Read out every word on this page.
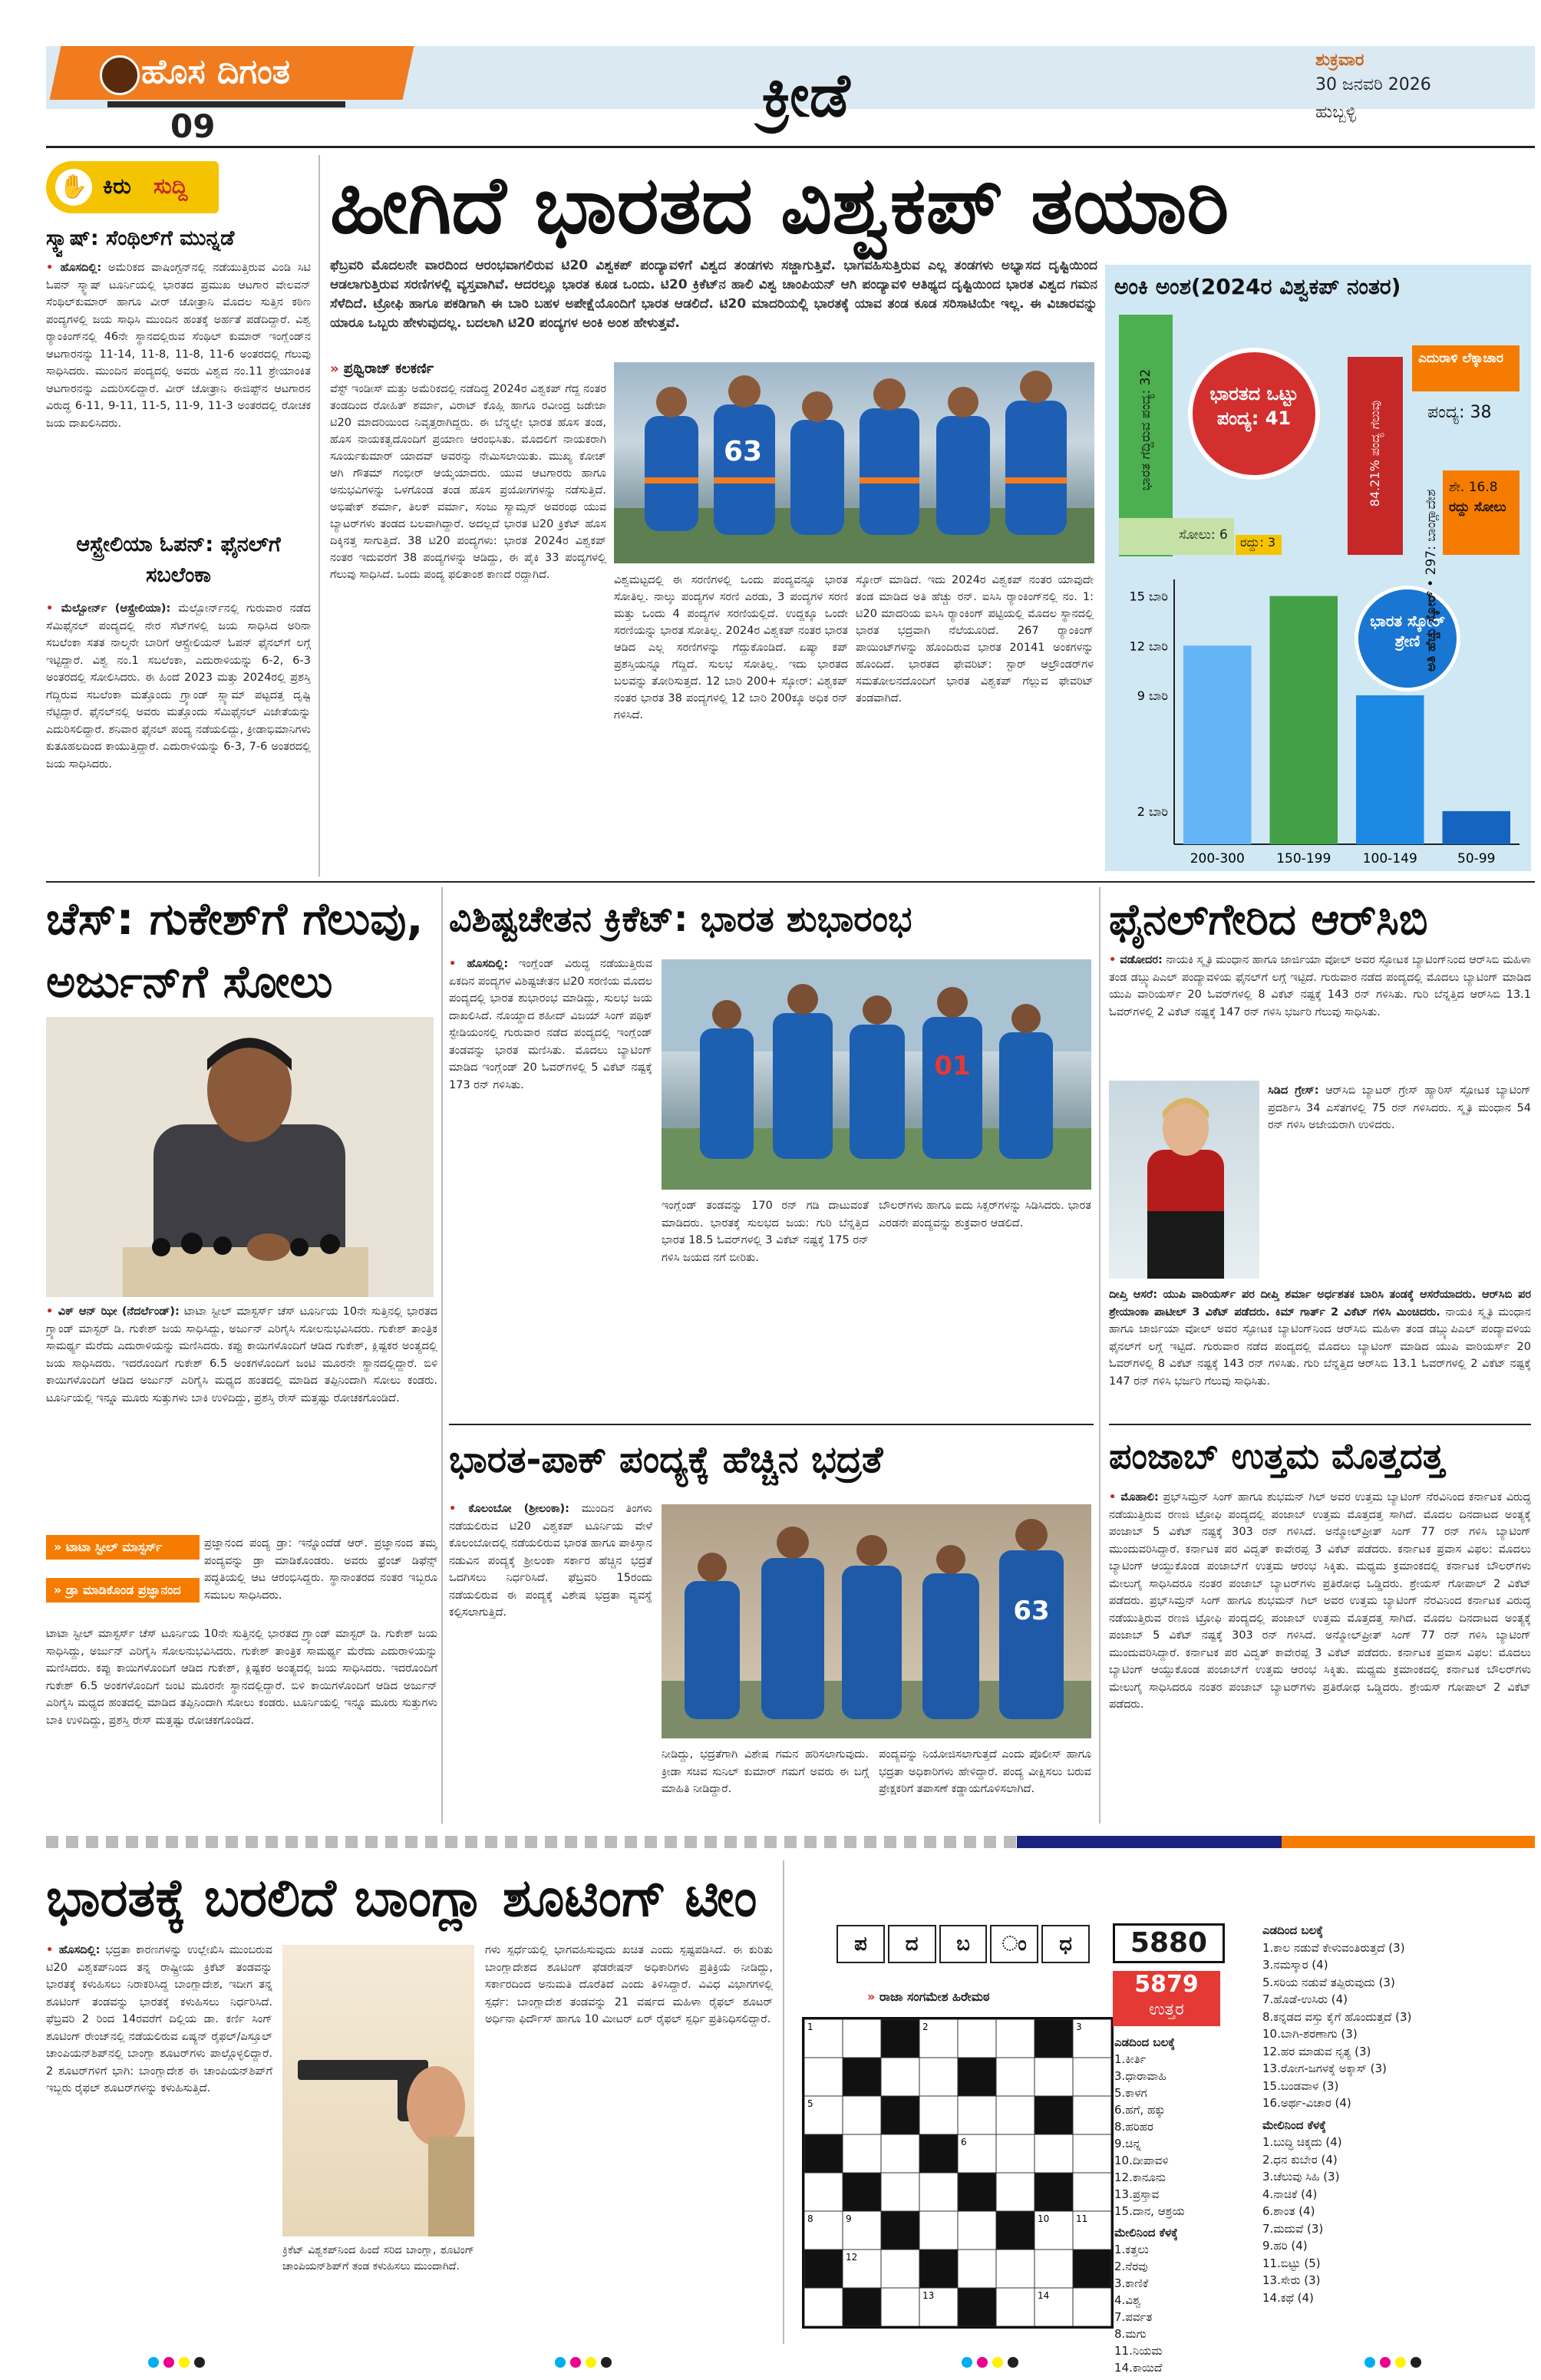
ಹೊಸ ದಿಗಂತ
09	ಕ್ರೀಡೆ
ಶುಕ್ರವಾರ
30 ಜನವರಿ 2026
ಹುಬ್ಬಳ್ಳಿ
✋ ಕಿರು ಸುದ್ದಿ
ಸ್ಕ್ವಾಷ್: ಸೆಂಥಿಲ್‌ಗೆ ಮುನ್ನಡೆ
• ಹೊಸದಿಲ್ಲಿ: ಅಮೆರಿಕದ ವಾಷಿಂಗ್ಟನ್‌ನಲ್ಲಿ ನಡೆಯುತ್ತಿರುವ ವಿಂಡಿ ಸಿಟಿ ಓಪನ್ ಸ್ಕ್ವಾಷ್ ಟೂರ್ನಿಯಲ್ಲಿ ಭಾರತದ ಪ್ರಮುಖ ಆಟಗಾರ ವೇಲವನ್ ಸೆಂಥಿಲ್‌ಕುಮಾರ್ ಹಾಗೂ ವೀರ್ ಚೋತ್ರಾನಿ ಮೊದಲ ಸುತ್ತಿನ ಕಠಿಣ ಪಂದ್ಯಗಳಲ್ಲಿ ಜಯ ಸಾಧಿಸಿ ಮುಂದಿನ ಹಂತಕ್ಕೆ ಅರ್ಹತೆ ಪಡೆದಿದ್ದಾರೆ. ವಿಶ್ವ ರ‍್ಯಾಂಕಿಂಗ್‌ನಲ್ಲಿ 46ನೇ ಸ್ಥಾನದಲ್ಲಿರುವ ಸೆಂಥಿಲ್ ಕುಮಾರ್ ಇಂಗ್ಲೆಂಡ್‌ನ ಆಟಗಾರನನ್ನು 11-14, 11-8, 11-8, 11-6 ಅಂತರದಲ್ಲಿ ಗೆಲುವು ಸಾಧಿಸಿದರು. ಮುಂದಿನ ಪಂದ್ಯದಲ್ಲಿ ಅವರು ವಿಶ್ವದ ನಂ.11 ಶ್ರೇಯಾಂಕಿತ ಆಟಗಾರನನ್ನು ಎದುರಿಸಲಿದ್ದಾರೆ. ವೀರ್ ಚೋತ್ರಾನಿ ಈಜಿಪ್ಟ್‌ನ ಆಟಗಾರನ ವಿರುದ್ಧ 6-11, 9-11, 11-5, 11-9, 11-3 ಅಂತರದಲ್ಲಿ ರೋಚಕ ಜಯ ದಾಖಲಿಸಿದರು.
ಆಸ್ಟ್ರೇಲಿಯಾ ಓಪನ್: ಫೈನಲ್‌ಗೆ ಸಬಲೆಂಕಾ
• ಮೆಲ್ಬೋರ್ನ್ (ಆಸ್ಟ್ರೇಲಿಯಾ): ಮೆಲ್ಬೋರ್ನ್‌ನಲ್ಲಿ ಗುರುವಾರ ನಡೆದ ಸೆಮಿಫೈನಲ್ ಪಂದ್ಯದಲ್ಲಿ ನೇರ ಸೆಟ್‌ಗಳಲ್ಲಿ ಜಯ ಸಾಧಿಸಿದ ಅರಿನಾ ಸಬಲೆಂಕಾ ಸತತ ನಾಲ್ಕನೇ ಬಾರಿಗೆ ಆಸ್ಟ್ರೇಲಿಯನ್ ಓಪನ್ ಫೈನಲ್‌ಗೆ ಲಗ್ಗೆ ಇಟ್ಟಿದ್ದಾರೆ. ವಿಶ್ವ ನಂ.1 ಸಬಲೆಂಕಾ, ಎದುರಾಳಿಯನ್ನು 6-2, 6-3 ಅಂತರದಲ್ಲಿ ಸೋಲಿಸಿದರು. ಈ ಹಿಂದೆ 2023 ಮತ್ತು 2024ರಲ್ಲಿ ಪ್ರಶಸ್ತಿ ಗೆದ್ದಿರುವ ಸಬಲೆಂಕಾ ಮತ್ತೊಂದು ಗ್ರ್ಯಾಂಡ್ ಸ್ಲ್ಯಾಮ್ ಪಟ್ಟದತ್ತ ದೃಷ್ಟಿ ನೆಟ್ಟಿದ್ದಾರೆ. ಫೈನಲ್‌ನಲ್ಲಿ ಅವರು ಮತ್ತೊಂದು ಸೆಮಿಫೈನಲ್ ವಿಜೇತೆಯನ್ನು ಎದುರಿಸಲಿದ್ದಾರೆ. ಶನಿವಾರ ಫೈನಲ್ ಪಂದ್ಯ ನಡೆಯಲಿದ್ದು, ಕ್ರೀಡಾಭಿಮಾನಿಗಳು ಕುತೂಹಲದಿಂದ ಕಾಯುತ್ತಿದ್ದಾರೆ. ಎದುರಾಳಿಯನ್ನು 6-3, 7-6 ಅಂತರದಲ್ಲಿ ಜಯ ಸಾಧಿಸಿದರು.
ಹೀಗಿದೆ ಭಾರತದ ವಿಶ್ವಕಪ್ ತಯಾರಿ
ಫೆಬ್ರವರಿ ಮೊದಲನೇ ವಾರದಿಂದ ಆರಂಭವಾಗಲಿರುವ ಟಿ20 ವಿಶ್ವಕಪ್ ಪಂದ್ಯಾವಳಿಗೆ ವಿಶ್ವದ ತಂಡಗಳು ಸಜ್ಜಾಗುತ್ತಿವೆ. ಭಾಗವಹಿಸುತ್ತಿರುವ ಎಲ್ಲ ತಂಡಗಳು ಅಭ್ಯಾಸದ ದೃಷ್ಟಿಯಿಂದ ಆಡಲಾಗುತ್ತಿರುವ ಸರಣಿಗಳಲ್ಲಿ ವ್ಯಸ್ತವಾಗಿವೆ. ಆದರಲ್ಲೂ ಭಾರತ ಕೂಡ ಒಂದು. ಟಿ20 ಕ್ರಿಕೆಟ್‌ನ ಹಾಲಿ ವಿಶ್ವ ಚಾಂಪಿಯನ್ ಆಗಿ ಪಂದ್ಯಾವಳಿ ಆತಿಥ್ಯದ ದೃಷ್ಟಿಯಿಂದ ಭಾರತ ವಿಶ್ವದ ಗಮನ ಸೆಳೆದಿದೆ. ಟ್ರೋಫಿ ಹಾಗೂ ಪಕಡಿಗಾಗಿ ಈ ಬಾರಿ ಬಹಳ ಅಪೇಕ್ಷೆಯೊಂದಿಗೆ ಭಾರತ ಆಡಲಿದೆ. ಟಿ20 ಮಾದರಿಯಲ್ಲಿ ಭಾರತಕ್ಕೆ ಯಾವ ತಂಡ ಕೂಡ ಸರಿಸಾಟಿಯೇ ಇಲ್ಲ. ಈ ವಿಚಾರವನ್ನು ಯಾರೂ ಒಬ್ಬರು ಹೇಳುವುದಲ್ಲ. ಬದಲಾಗಿ ಟಿ20 ಪಂದ್ಯಗಳ ಅಂಕಿ ಅಂಶ ಹೇಳುತ್ತವೆ.
» ಪ್ರಥ್ವಿರಾಜ್ ಕಲಕರ್ಣಿ
ವೆಸ್ಟ್ ಇಂಡೀಸ್ ಮತ್ತು ಅಮೆರಿಕದಲ್ಲಿ ನಡೆದಿದ್ದ 2024ರ ವಿಶ್ವಕಪ್ ಗೆದ್ದ ನಂತರ ತಂಡದಿಂದ ರೋಹಿತ್ ಶರ್ಮಾ, ವಿರಾಟ್ ಕೊಹ್ಲಿ ಹಾಗೂ ರವೀಂದ್ರ ಜಡೇಜಾ ಟಿ20 ಮಾದರಿಯಿಂದ ನಿವೃತ್ತರಾಗಿದ್ದರು. ಈ ಬೆನ್ನಲ್ಲೇ ಭಾರತ ಹೊಸ ತಂಡ, ಹೊಸ ನಾಯಕತ್ವದೊಂದಿಗೆ ಪ್ರಯಾಣ ಆರಂಭಿಸಿತು. ಮೊದಲಿಗೆ ನಾಯಕರಾಗಿ ಸೂರ್ಯಕುಮಾರ್ ಯಾದವ್ ಅವರನ್ನು ನೇಮಿಸಲಾಯಿತು. ಮುಖ್ಯ ಕೋಚ್ ಆಗಿ ಗೌತಮ್ ಗಂಭೀರ್ ಆಯ್ಕೆಯಾದರು. ಯುವ ಆಟಗಾರರು ಹಾಗೂ ಅನುಭವಿಗಳನ್ನು ಒಳಗೊಂಡ ತಂಡ ಹೊಸ ಪ್ರಯೋಗಗಳನ್ನು ನಡೆಸುತ್ತಿದೆ. ಅಭಿಷೇಕ್ ಶರ್ಮಾ, ತಿಲಕ್ ವರ್ಮಾ, ಸಂಜು ಸ್ಯಾಮ್ಸನ್ ಅವರಂಥ ಯುವ ಬ್ಯಾಟರ್‌ಗಳು ತಂಡದ ಬಲವಾಗಿದ್ದಾರೆ. ಅದಲ್ಲದೆ ಭಾರತ ಟಿ20 ಕ್ರಿಕೆಟ್ ಹೊಸ ದಿಕ್ಕಿನತ್ತ ಸಾಗುತ್ತಿದೆ. 38 ಟಿ20 ಪಂದ್ಯಗಳು: ಭಾರತ 2024ರ ವಿಶ್ವಕಪ್ ನಂತರ ಇದುವರೆಗೆ 38 ಪಂದ್ಯಗಳನ್ನು ಆಡಿದ್ದು, ಈ ಪೈಕಿ 33 ಪಂದ್ಯಗಳಲ್ಲಿ ಗೆಲುವು ಸಾಧಿಸಿದೆ. ಒಂದು ಪಂದ್ಯ ಫಲಿತಾಂಶ ಕಾಣದೆ ರದ್ದಾಗಿದೆ.
63
ವಿಶ್ವಮಟ್ಟದಲ್ಲಿ ಈ ಸರಣಿಗಳಲ್ಲಿ ಒಂದು ಪಂದ್ಯವನ್ನೂ ಭಾರತ ಸೋತಿಲ್ಲ. ನಾಲ್ಕು ಪಂದ್ಯಗಳ ಸರಣಿ ಎರಡು, 3 ಪಂದ್ಯಗಳ ಸರಣಿ ಮತ್ತು ಒಂದು 4 ಪಂದ್ಯಗಳ ಸರಣಿಯಲ್ಲಿದೆ. ಉದ್ದಕ್ಕೂ ಒಂದೇ ಸರಣಿಯನ್ನು ಭಾರತ ಸೋತಿಲ್ಲ. 2024ರ ವಿಶ್ವಕಪ್ ನಂತರ ಭಾರತ ಆಡಿದ ಎಲ್ಲ ಸರಣಿಗಳನ್ನು ಗೆದ್ದುಕೊಂಡಿದೆ. ಏಷ್ಯಾ ಕಪ್ ಪ್ರಶಸ್ತಿಯನ್ನೂ ಗೆದ್ದಿದೆ. ಸುಲಭ ಸೋತಿಲ್ಲ. ಇದು ಭಾರತದ ಬಲವನ್ನು ತೋರಿಸುತ್ತದೆ. 12 ಬಾರಿ 200+ ಸ್ಕೋರ್: ವಿಶ್ವಕಪ್ ನಂತರ ಭಾರತ 38 ಪಂದ್ಯಗಳಲ್ಲಿ 12 ಬಾರಿ 200ಕ್ಕೂ ಅಧಿಕ ರನ್ ಗಳಿಸಿದೆ.
ಸ್ಕೋರ್ ಮಾಡಿದೆ. ಇದು 2024ರ ವಿಶ್ವಕಪ್ ನಂತರ ಯಾವುದೇ ತಂಡ ಮಾಡಿದ ಅತಿ ಹೆಚ್ಚು ರನ್. ಐಸಿಸಿ ರ‍್ಯಾಂಕಿಂಗ್‌ನಲ್ಲಿ ನಂ. 1: ಟಿ20 ಮಾದರಿಯ ಐಸಿಸಿ ರ‍್ಯಾಂಕಿಂಗ್ ಪಟ್ಟಿಯಲ್ಲಿ ಮೊದಲ ಸ್ಥಾನದಲ್ಲಿ ಭಾರತ ಭದ್ರವಾಗಿ ನೆಲೆಯೂರಿದೆ. 267 ರ‍್ಯಾಂಕಿಂಗ್ ಪಾಯಿಂಟ್‌ಗಳನ್ನು ಹೊಂದಿರುವ ಭಾರತ 20141 ಅಂಕಗಳನ್ನು ಹೊಂದಿದೆ. ಭಾರತದ ಫೇವರಿಟ್: ಸ್ಟಾರ್ ಆಲ್ರೌಂಡರ್‌ಗಳ ಸಮತೋಲನದೊಂದಿಗೆ ಭಾರತ ವಿಶ್ವಕಪ್ ಗೆಲ್ಲುವ ಫೇವರಿಟ್ ತಂಡವಾಗಿದೆ.
ಅಂಕಿ ಅಂಶ(2024ರ ವಿಶ್ವಕಪ್ ನಂತರ)
ಭಾರತ ಗೆದ್ದಿರುವ ಪಂದ್ಯ: 32
ಸೋಲು: 6 ರದ್ದು: 3
ಭಾರತದ ಒಟ್ಟು ಪಂದ್ಯ: 41	84.21% ಪಂದ್ಯ ಗೆಲುವು
ಎದುರಾಳಿ ಲೆಕ್ಕಾಚಾರ
ಪಂದ್ಯ: 38
ಶೇ. 16.8
ರದ್ದು ಸೋಲು
200-300 150-199 100-149	50-99
15 ಬಾರಿ
12 ಬಾರಿ
9 ಬಾರಿ
2 ಬಾರಿ
ಭಾರತ ಸ್ಕೋರ್ ಶ್ರೇಣಿ ಅತಿ ಹೆಚ್ಚು ಸ್ಕೋರ್ • 297: ಬಾಂಗ್ಲಾದೇಶ
ಚೆಸ್: ಗುಕೇಶ್‌ಗೆ ಗೆಲುವು, ಅರ್ಜುನ್‌ಗೆ ಸೋಲು
• ವಿಕ್ ಆನ್ ಝೀ (ನೆದರ್ಲೆಂಡ್): ಟಾಟಾ ಸ್ಟೀಲ್ ಮಾಸ್ಟರ್ಸ್ ಚೆಸ್ ಟೂರ್ನಿಯ 10ನೇ ಸುತ್ತಿನಲ್ಲಿ ಭಾರತದ ಗ್ರ್ಯಾಂಡ್ ಮಾಸ್ಟರ್ ಡಿ. ಗುಕೇಶ್ ಜಯ ಸಾಧಿಸಿದ್ದು, ಅರ್ಜುನ್ ಎರಿಗೈಸಿ ಸೋಲನುಭವಿಸಿದರು. ಗುಕೇಶ್ ತಾಂತ್ರಿಕ ಸಾಮರ್ಥ್ಯ ಮೆರೆದು ಎದುರಾಳಿಯನ್ನು ಮಣಿಸಿದರು. ಕಪ್ಪು ಕಾಯಿಗಳೊಂದಿಗೆ ಆಡಿದ ಗುಕೇಶ್, ಕ್ಲಿಷ್ಟಕರ ಅಂತ್ಯದಲ್ಲಿ ಜಯ ಸಾಧಿಸಿದರು. ಇದರೊಂದಿಗೆ ಗುಕೇಶ್ 6.5 ಅಂಕಗಳೊಂದಿಗೆ ಜಂಟಿ ಮೂರನೇ ಸ್ಥಾನದಲ್ಲಿದ್ದಾರೆ. ಬಿಳಿ ಕಾಯಿಗಳೊಂದಿಗೆ ಆಡಿದ ಅರ್ಜುನ್ ಎರಿಗೈಸಿ ಮಧ್ಯದ ಹಂತದಲ್ಲಿ ಮಾಡಿದ ತಪ್ಪಿನಿಂದಾಗಿ ಸೋಲು ಕಂಡರು. ಟೂರ್ನಿಯಲ್ಲಿ ಇನ್ನೂ ಮೂರು ಸುತ್ತುಗಳು ಬಾಕಿ ಉಳಿದಿದ್ದು, ಪ್ರಶಸ್ತಿ ರೇಸ್ ಮತ್ತಷ್ಟು ರೋಚಕಗೊಂಡಿದೆ.
» ಟಾಟಾ ಸ್ಟೀಲ್ ಮಾಸ್ಟರ್ಸ್
» ಡ್ರಾ ಮಾಡಿಕೊಂಡ ಪ್ರಜ್ಞಾನಂದ
ಪ್ರಜ್ಞಾನಂದ ಪಂದ್ಯ ಡ್ರಾ: ಇನ್ನೊಂದೆಡೆ ಆರ್. ಪ್ರಜ್ಞಾನಂದ ತಮ್ಮ ಪಂದ್ಯವನ್ನು ಡ್ರಾ ಮಾಡಿಕೊಂಡರು. ಅವರು ಫ್ರೆಂಚ್ ಡಿಫೆನ್ಸ್ ಪದ್ಧತಿಯಲ್ಲಿ ಆಟ ಆರಂಭಿಸಿದ್ದರು. ಸ್ಥಾನಾಂತರದ ನಂತರ ಇಬ್ಬರೂ ಸಮಬಲ ಸಾಧಿಸಿದರು.
ಟಾಟಾ ಸ್ಟೀಲ್ ಮಾಸ್ಟರ್ಸ್ ಚೆಸ್ ಟೂರ್ನಿಯ 10ನೇ ಸುತ್ತಿನಲ್ಲಿ ಭಾರತದ ಗ್ರ್ಯಾಂಡ್ ಮಾಸ್ಟರ್ ಡಿ. ಗುಕೇಶ್ ಜಯ ಸಾಧಿಸಿದ್ದು, ಅರ್ಜುನ್ ಎರಿಗೈಸಿ ಸೋಲನುಭವಿಸಿದರು. ಗುಕೇಶ್ ತಾಂತ್ರಿಕ ಸಾಮರ್ಥ್ಯ ಮೆರೆದು ಎದುರಾಳಿಯನ್ನು ಮಣಿಸಿದರು. ಕಪ್ಪು ಕಾಯಿಗಳೊಂದಿಗೆ ಆಡಿದ ಗುಕೇಶ್, ಕ್ಲಿಷ್ಟಕರ ಅಂತ್ಯದಲ್ಲಿ ಜಯ ಸಾಧಿಸಿದರು. ಇದರೊಂದಿಗೆ ಗುಕೇಶ್ 6.5 ಅಂಕಗಳೊಂದಿಗೆ ಜಂಟಿ ಮೂರನೇ ಸ್ಥಾನದಲ್ಲಿದ್ದಾರೆ. ಬಿಳಿ ಕಾಯಿಗಳೊಂದಿಗೆ ಆಡಿದ ಅರ್ಜುನ್ ಎರಿಗೈಸಿ ಮಧ್ಯದ ಹಂತದಲ್ಲಿ ಮಾಡಿದ ತಪ್ಪಿನಿಂದಾಗಿ ಸೋಲು ಕಂಡರು. ಟೂರ್ನಿಯಲ್ಲಿ ಇನ್ನೂ ಮೂರು ಸುತ್ತುಗಳು ಬಾಕಿ ಉಳಿದಿದ್ದು, ಪ್ರಶಸ್ತಿ ರೇಸ್ ಮತ್ತಷ್ಟು ರೋಚಕಗೊಂಡಿದೆ.
ವಿಶಿಷ್ಟಚೇತನ ಕ್ರಿಕೆಟ್: ಭಾರತ ಶುಭಾರಂಭ
• ಹೊಸದಿಲ್ಲಿ: ಇಂಗ್ಲೆಂಡ್ ವಿರುದ್ಧ ನಡೆಯುತ್ತಿರುವ ಏಕದಿನ ಪಂದ್ಯಗಳ ವಿಶಿಷ್ಟಚೇತನ ಟಿ20 ಸರಣಿಯ ಮೊದಲ ಪಂದ್ಯದಲ್ಲಿ ಭಾರತ ಶುಭಾರಂಭ ಮಾಡಿದ್ದು, ಸುಲಭ ಜಯ ದಾಖಲಿಸಿದೆ. ನೊಯ್ಡಾದ ಶಹೀದ್ ವಿಜಯ್ ಸಿಂಗ್ ಪಥಿಕ್ ಸ್ಟೇಡಿಯಂನಲ್ಲಿ ಗುರುವಾರ ನಡೆದ ಪಂದ್ಯದಲ್ಲಿ ಇಂಗ್ಲೆಂಡ್ ತಂಡವನ್ನು ಭಾರತ ಮಣಿಸಿತು. ಮೊದಲು ಬ್ಯಾಟಿಂಗ್ ಮಾಡಿದ ಇಂಗ್ಲೆಂಡ್ 20 ಓವರ್‌ಗಳಲ್ಲಿ 5 ವಿಕೆಟ್ ನಷ್ಟಕ್ಕೆ 173 ರನ್ ಗಳಿಸಿತು.
01
ಇಂಗ್ಲೆಂಡ್ ತಂಡವನ್ನು 170 ರನ್ ಗಡಿ ದಾಟುವಂತೆ ಮಾಡಿದರು. ಭಾರತಕ್ಕೆ ಸುಲಭದ ಜಯ: ಗುರಿ ಬೆನ್ನತ್ತಿದ ಭಾರತ 18.5 ಓವರ್‌ಗಳಲ್ಲಿ 3 ವಿಕೆಟ್ ನಷ್ಟಕ್ಕೆ 175 ರನ್ ಗಳಿಸಿ ಜಯದ ನಗೆ ಬೀರಿತು.
ಬೌಲರ್‌ಗಳು ಹಾಗೂ ಐದು ಸಿಕ್ಸರ್‌ಗಳನ್ನು ಸಿಡಿಸಿದರು. ಭಾರತ ಎರಡನೇ ಪಂದ್ಯವನ್ನು ಶುಕ್ರವಾರ ಆಡಲಿದೆ.
ಭಾರತ-ಪಾಕ್ ಪಂದ್ಯಕ್ಕೆ ಹೆಚ್ಚಿನ ಭದ್ರತೆ
• ಕೊಲಂಬೋ (ಶ್ರೀಲಂಕಾ): ಮುಂದಿನ ತಿಂಗಳು ನಡೆಯಲಿರುವ ಟಿ20 ವಿಶ್ವಕಪ್ ಟೂರ್ನಿಯ ವೇಳೆ ಕೊಲಂಬೋದಲ್ಲಿ ನಡೆಯಲಿರುವ ಭಾರತ ಹಾಗೂ ಪಾಕಿಸ್ತಾನ ನಡುವಿನ ಪಂದ್ಯಕ್ಕೆ ಶ್ರೀಲಂಕಾ ಸರ್ಕಾರ ಹೆಚ್ಚಿನ ಭದ್ರತೆ ಒದಗಿಸಲು ನಿರ್ಧರಿಸಿದೆ. ಫೆಬ್ರವರಿ 15ರಂದು ನಡೆಯಲಿರುವ ಈ ಪಂದ್ಯಕ್ಕೆ ವಿಶೇಷ ಭದ್ರತಾ ವ್ಯವಸ್ಥೆ ಕಲ್ಪಿಸಲಾಗುತ್ತಿದೆ.	63
ನೀಡಿದ್ದು, ಭದ್ರತೆಗಾಗಿ ವಿಶೇಷ ಗಮನ ಹರಿಸಲಾಗುವುದು. ಕ್ರೀಡಾ ಸಚಿವ ಸುನಿಲ್ ಕುಮಾರ್ ಗಮಗೆ ಅವರು ಈ ಬಗ್ಗೆ ಮಾಹಿತಿ ನೀಡಿದ್ದಾರೆ.
ಪಂದ್ಯವನ್ನು ನಿಯೋಜಿಸಲಾಗುತ್ತದೆ ಎಂದು ಪೊಲೀಸ್ ಹಾಗೂ ಭದ್ರತಾ ಅಧಿಕಾರಿಗಳು ಹೇಳಿದ್ದಾರೆ. ಪಂದ್ಯ ವೀಕ್ಷಿಸಲು ಬರುವ ಪ್ರೇಕ್ಷಕರಿಗೆ ತಪಾಸಣೆ ಕಡ್ಡಾಯಗೊಳಿಸಲಾಗಿದೆ.
ಫೈನಲ್‌ಗೇರಿದ ಆರ್‌ಸಿಬಿ
• ವಡೋದರ: ನಾಯಕಿ ಸ್ಮೃತಿ ಮಂಧಾನ ಹಾಗೂ ಜಾರ್ಜಿಯಾ ವೋಲ್ ಅವರ ಸ್ಫೋಟಕ ಬ್ಯಾಟಿಂಗ್‌ನಿಂದ ಆರ್‌ಸಿಬಿ ಮಹಿಳಾ ತಂಡ ಡಬ್ಲ್ಯುಪಿಎಲ್ ಪಂದ್ಯಾವಳಿಯ ಫೈನಲ್‌ಗೆ ಲಗ್ಗೆ ಇಟ್ಟಿದೆ. ಗುರುವಾರ ನಡೆದ ಪಂದ್ಯದಲ್ಲಿ ಮೊದಲು ಬ್ಯಾಟಿಂಗ್ ಮಾಡಿದ ಯುಪಿ ವಾರಿಯರ್ಸ್ 20 ಓವರ್‌ಗಳಲ್ಲಿ 8 ವಿಕೆಟ್ ನಷ್ಟಕ್ಕೆ 143 ರನ್ ಗಳಿಸಿತು. ಗುರಿ ಬೆನ್ನತ್ತಿದ ಆರ್‌ಸಿಬಿ 13.1 ಓವರ್‌ಗಳಲ್ಲಿ 2 ವಿಕೆಟ್ ನಷ್ಟಕ್ಕೆ 147 ರನ್ ಗಳಿಸಿ ಭರ್ಜರಿ ಗೆಲುವು ಸಾಧಿಸಿತು.
ಸಿಡಿದ ಗ್ರೇಸ್: ಆರ್‌ಸಿಬಿ ಬ್ಯಾಟರ್ ಗ್ರೇಸ್ ಹ್ಯಾರಿಸ್ ಸ್ಫೋಟಕ ಬ್ಯಾಟಿಂಗ್ ಪ್ರದರ್ಶಿಸಿ 34 ಎಸೆತಗಳಲ್ಲಿ 75 ರನ್ ಗಳಿಸಿದರು. ಸ್ಮೃತಿ ಮಂಧಾನ 54 ರನ್ ಗಳಿಸಿ ಅಜೇಯರಾಗಿ ಉಳಿದರು.
ದೀಪ್ತಿ ಆಸರೆ: ಯುಪಿ ವಾರಿಯರ್ಸ್ ಪರ ದೀಪ್ತಿ ಶರ್ಮಾ ಅರ್ಧಶತಕ ಬಾರಿಸಿ ತಂಡಕ್ಕೆ ಆಸರೆಯಾದರು. ಆರ್‌ಸಿಬಿ ಪರ ಶ್ರೇಯಾಂಕಾ ಪಾಟೀಲ್ 3 ವಿಕೆಟ್ ಪಡೆದರು. ಕಿಮ್ ಗಾರ್ತ್ 2 ವಿಕೆಟ್ ಗಳಿಸಿ ಮಿಂಚಿದರು. ನಾಯಕಿ ಸ್ಮೃತಿ ಮಂಧಾನ ಹಾಗೂ ಜಾರ್ಜಿಯಾ ವೋಲ್ ಅವರ ಸ್ಫೋಟಕ ಬ್ಯಾಟಿಂಗ್‌ನಿಂದ ಆರ್‌ಸಿಬಿ ಮಹಿಳಾ ತಂಡ ಡಬ್ಲ್ಯುಪಿಎಲ್ ಪಂದ್ಯಾವಳಿಯ ಫೈನಲ್‌ಗೆ ಲಗ್ಗೆ ಇಟ್ಟಿದೆ. ಗುರುವಾರ ನಡೆದ ಪಂದ್ಯದಲ್ಲಿ ಮೊದಲು ಬ್ಯಾಟಿಂಗ್ ಮಾಡಿದ ಯುಪಿ ವಾರಿಯರ್ಸ್ 20 ಓವರ್‌ಗಳಲ್ಲಿ 8 ವಿಕೆಟ್ ನಷ್ಟಕ್ಕೆ 143 ರನ್ ಗಳಿಸಿತು. ಗುರಿ ಬೆನ್ನತ್ತಿದ ಆರ್‌ಸಿಬಿ 13.1 ಓವರ್‌ಗಳಲ್ಲಿ 2 ವಿಕೆಟ್ ನಷ್ಟಕ್ಕೆ 147 ರನ್ ಗಳಿಸಿ ಭರ್ಜರಿ ಗೆಲುವು ಸಾಧಿಸಿತು.
ಪಂಜಾಬ್ ಉತ್ತಮ ಮೊತ್ತದತ್ತ
• ಮೊಹಾಲಿ: ಪ್ರಭ್‌ಸಿಮ್ರನ್ ಸಿಂಗ್ ಹಾಗೂ ಶುಭಮನ್ ಗಿಲ್ ಅವರ ಉತ್ತಮ ಬ್ಯಾಟಿಂಗ್ ನೆರವಿನಿಂದ ಕರ್ನಾಟಕ ವಿರುದ್ಧ ನಡೆಯುತ್ತಿರುವ ರಣಜಿ ಟ್ರೋಫಿ ಪಂದ್ಯದಲ್ಲಿ ಪಂಜಾಬ್ ಉತ್ತಮ ಮೊತ್ತದತ್ತ ಸಾಗಿದೆ. ಮೊದಲ ದಿನದಾಟದ ಅಂತ್ಯಕ್ಕೆ ಪಂಜಾಬ್ 5 ವಿಕೆಟ್ ನಷ್ಟಕ್ಕೆ 303 ರನ್ ಗಳಿಸಿದೆ. ಅನ್ಮೋಲ್‌ಪ್ರೀತ್ ಸಿಂಗ್ 77 ರನ್ ಗಳಿಸಿ ಬ್ಯಾಟಿಂಗ್ ಮುಂದುವರಿಸಿದ್ದಾರೆ. ಕರ್ನಾಟಕ ಪರ ವಿದ್ವತ್ ಕಾವೇರಪ್ಪ 3 ವಿಕೆಟ್ ಪಡೆದರು. ಕರ್ನಾಟಕ ಪ್ರವಾಸ ವಿಫಲ: ಮೊದಲು ಬ್ಯಾಟಿಂಗ್ ಆಯ್ದುಕೊಂಡ ಪಂಜಾಬ್‌ಗೆ ಉತ್ತಮ ಆರಂಭ ಸಿಕ್ಕಿತು. ಮಧ್ಯಮ ಕ್ರಮಾಂಕದಲ್ಲಿ ಕರ್ನಾಟಕ ಬೌಲರ್‌ಗಳು ಮೇಲುಗೈ ಸಾಧಿಸಿದರೂ ನಂತರ ಪಂಜಾಬ್ ಬ್ಯಾಟರ್‌ಗಳು ಪ್ರತಿರೋಧ ಒಡ್ಡಿದರು. ಶ್ರೇಯಸ್ ಗೋಪಾಲ್ 2 ವಿಕೆಟ್ ಪಡೆದರು. ಪ್ರಭ್‌ಸಿಮ್ರನ್ ಸಿಂಗ್ ಹಾಗೂ ಶುಭಮನ್ ಗಿಲ್ ಅವರ ಉತ್ತಮ ಬ್ಯಾಟಿಂಗ್ ನೆರವಿನಿಂದ ಕರ್ನಾಟಕ ವಿರುದ್ಧ ನಡೆಯುತ್ತಿರುವ ರಣಜಿ ಟ್ರೋಫಿ ಪಂದ್ಯದಲ್ಲಿ ಪಂಜಾಬ್ ಉತ್ತಮ ಮೊತ್ತದತ್ತ ಸಾಗಿದೆ. ಮೊದಲ ದಿನದಾಟದ ಅಂತ್ಯಕ್ಕೆ ಪಂಜಾಬ್ 5 ವಿಕೆಟ್ ನಷ್ಟಕ್ಕೆ 303 ರನ್ ಗಳಿಸಿದೆ. ಅನ್ಮೋಲ್‌ಪ್ರೀತ್ ಸಿಂಗ್ 77 ರನ್ ಗಳಿಸಿ ಬ್ಯಾಟಿಂಗ್ ಮುಂದುವರಿಸಿದ್ದಾರೆ. ಕರ್ನಾಟಕ ಪರ ವಿದ್ವತ್ ಕಾವೇರಪ್ಪ 3 ವಿಕೆಟ್ ಪಡೆದರು. ಕರ್ನಾಟಕ ಪ್ರವಾಸ ವಿಫಲ: ಮೊದಲು ಬ್ಯಾಟಿಂಗ್ ಆಯ್ದುಕೊಂಡ ಪಂಜಾಬ್‌ಗೆ ಉತ್ತಮ ಆರಂಭ ಸಿಕ್ಕಿತು. ಮಧ್ಯಮ ಕ್ರಮಾಂಕದಲ್ಲಿ ಕರ್ನಾಟಕ ಬೌಲರ್‌ಗಳು ಮೇಲುಗೈ ಸಾಧಿಸಿದರೂ ನಂತರ ಪಂಜಾಬ್ ಬ್ಯಾಟರ್‌ಗಳು ಪ್ರತಿರೋಧ ಒಡ್ಡಿದರು. ಶ್ರೇಯಸ್ ಗೋಪಾಲ್ 2 ವಿಕೆಟ್ ಪಡೆದರು.
ಭಾರತಕ್ಕೆ ಬರಲಿದೆ ಬಾಂಗ್ಲಾ ಶೂಟಿಂಗ್ ಟೀಂ
• ಹೊಸದಿಲ್ಲಿ: ಭದ್ರತಾ ಕಾರಣಗಳನ್ನು ಉಲ್ಲೇಖಿಸಿ ಮುಂಬರುವ ಟಿ20 ವಿಶ್ವಕಪ್‌ನಿಂದ ತನ್ನ ರಾಷ್ಟ್ರೀಯ ಕ್ರಿಕೆಟ್ ತಂಡವನ್ನು ಭಾರತಕ್ಕೆ ಕಳುಹಿಸಲು ನಿರಾಕರಿಸಿದ್ದ ಬಾಂಗ್ಲಾದೇಶ, ಇದೀಗ ತನ್ನ ಶೂಟಿಂಗ್ ತಂಡವನ್ನು ಭಾರತಕ್ಕೆ ಕಳುಹಿಸಲು ನಿರ್ಧರಿಸಿದೆ. ಫೆಬ್ರವರಿ 2 ರಿಂದ 14ರವರೆಗೆ ದಿಲ್ಲಿಯ ಡಾ. ಕರ್ಣಿ ಸಿಂಗ್ ಶೂಟಿಂಗ್ ರೇಂಜ್‌ನಲ್ಲಿ ನಡೆಯಲಿರುವ ಏಷ್ಯನ್ ರೈಫಲ್/ಪಿಸ್ತೂಲ್ ಚಾಂಪಿಯನ್‌ಶಿಪ್‌ನಲ್ಲಿ ಬಾಂಗ್ಲಾ ಶೂಟರ್‌ಗಳು ಪಾಲ್ಗೊಳ್ಳಲಿದ್ದಾರೆ. 2 ಶೂಟರ್‌ಗಳಿಗೆ ಭಾಗಿ: ಬಾಂಗ್ಲಾದೇಶ ಈ ಚಾಂಪಿಯನ್‌ಶಿಪ್‌ಗೆ ಇಬ್ಬರು ರೈಫಲ್ ಶೂಟರ್‌ಗಳನ್ನು ಕಳುಹಿಸುತ್ತಿದೆ.
ಕ್ರಿಕೆಟ್ ವಿಶ್ವಕಪ್‌ನಿಂದ ಹಿಂದೆ ಸರಿದ ಬಾಂಗ್ಲಾ, ಶೂಟಿಂಗ್ ಚಾಂಪಿಯನ್‌ಶಿಪ್‌ಗೆ ತಂಡ ಕಳುಹಿಸಲು ಮುಂದಾಗಿದೆ.
ಗಳು ಸ್ಪರ್ಧೆಯಲ್ಲಿ ಭಾಗವಹಿಸುವುದು ಖಚಿತ ಎಂದು ಸ್ಪಷ್ಟಪಡಿಸಿದೆ. ಈ ಕುರಿತು ಬಾಂಗ್ಲಾದೇಶದ ಶೂಟಿಂಗ್ ಫೆಡರೇಷನ್ ಅಧಿಕಾರಿಗಳು ಪ್ರತಿಕ್ರಿಯೆ ನೀಡಿದ್ದು, ಸರ್ಕಾರದಿಂದ ಅನುಮತಿ ದೊರೆತಿದೆ ಎಂದು ತಿಳಿಸಿದ್ದಾರೆ. ವಿವಿಧ ವಿಭಾಗಗಳಲ್ಲಿ ಸ್ಪರ್ಧೆ: ಬಾಂಗ್ಲಾದೇಶ ತಂಡವನ್ನು 21 ವರ್ಷದ ಮಹಿಳಾ ರೈಫಲ್ ಶೂಟರ್ ಅರ್ಧಿನಾ ಫಿರ್ದೌಸ್ ಹಾಗೂ 10 ಮೀಟರ್ ಏರ್ ರೈಫಲ್ ಸ್ಪರ್ಧಿ ಪ್ರತಿನಿಧಿಸಲಿದ್ದಾರೆ.
ಪ	ದ	ಬ	ಂ	ಧ
» ರಾಜಾ ಸಂಗಮೇಶ ಹಿರೇಮಠ
1	2	3
5
6
8	9	10	11
12
13	14
5880
5879
ಉತ್ತರ
ಎಡದಿಂದ ಬಲಕ್ಕೆ
1.ಕೀರ್ತಿ
3.ಧಾರಾವಾಹಿ
5.ಕಾಳಗ
6.ಹಗೆ, ಹಕ್ಕು
8.ಹರಿಹರ
9.ಚಿನ್ನ
10.ದೀಪಾವಳಿ
12.ಕಾನೂನು
13.ಪ್ರಸ್ತಾವ
15.ದಾನ, ಆಶ್ರಯ
ಮೇಲಿನಿಂದ ಕೆಳಕ್ಕೆ
1.ಕತ್ತಲು
2.ನೆರವು
3.ಕಾಣಿಕೆ
4.ವಿಶ್ವ
7.ಪರ್ವತ
8.ಮಗು
11.ನಿಯಮ
14.ಕಾಯಿದೆ
ಎಡದಿಂದ ಬಲಕ್ಕೆ
1.ಕಾಲ ನಡುವೆ ಕೇಳುವಂತಿರುತ್ತದೆ (3)
3.ನಮಸ್ಕಾರ (4)
5.ಸರಿಯ ನಡುವೆ ತಪ್ಪಿರುವುದು (3)
7.ಹೊಡೆ-ಉಸಿರು (4)
8.ಕನ್ನಡದ ವಸ್ತು ಕೈಗೆ ಹೊಂದುತ್ತದೆ (3)
10.ಬಾಗಿ-ಶರಣಾಗು (3)
12.ಹರ ಮಾಡುವ ನೃತ್ಯ (3)
13.ರೋಗ-ಜಗಳಕ್ಕೆ ಅಕ್ಕಾಸ್ (3)
15.ಬಂಡವಾಳ (3)
16.ಅರ್ಥ-ವಿಚಾರ (4)
ಮೇಲಿನಿಂದ ಕೆಳಕ್ಕೆ
1.ಬುದ್ಧಿ ಚಿಕ್ಕದು (4)
2.ಧನ ಕುಬೇರ (4)
3.ಚೆಲುವು ಸಿಹಿ (3)
4.ನಾಚಿಕೆ (4)
6.ಶಾಂತ (4)
7.ಮದುವೆ (3)
9.ಹರಿ (4)
11.ಬಿಟ್ಟು (5)
13.ಸೇರು (3)
14.ಕಥೆ (4)
